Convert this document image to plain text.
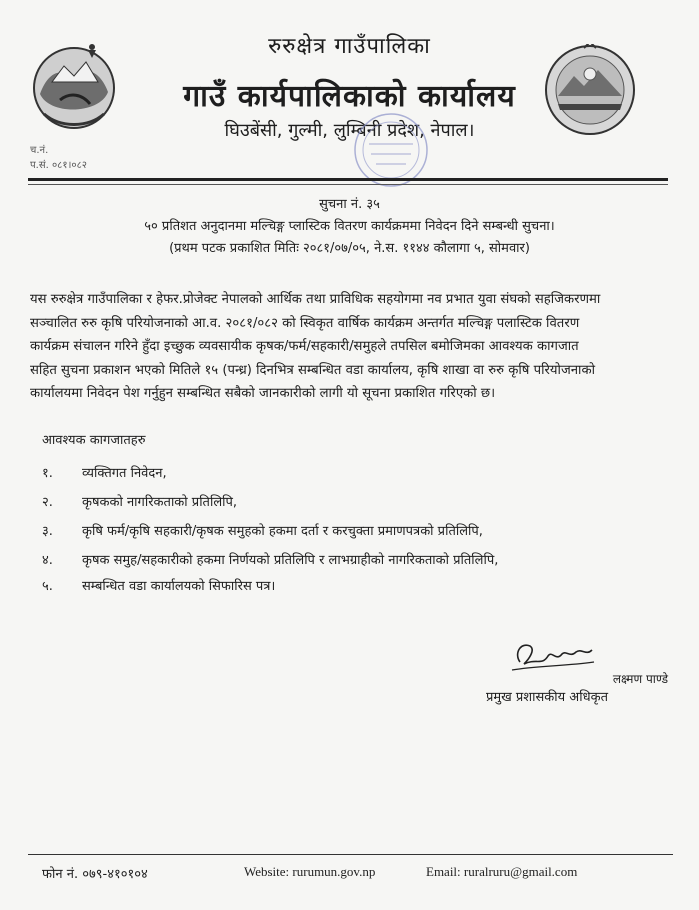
रुरुक्षेत्र गाउँपालिका
गाउँ कार्यपालिकाको कार्यालय
घिउबेंसी, गुल्मी, लुम्बिनी प्रदेश, नेपाल।
च.नं.
प.सं. ०८१।०८२
सुचना नं. ३५
५० प्रतिशत अनुदानमा मल्चिङ्ग प्लास्टिक वितरण कार्यक्रममा निवेदन दिने सम्बन्धी सुचना।
(प्रथम पटक प्रकाशित मितिः २०८१/०७/०५, ने.स. ११४४ कौलागा ५, सोमवार)
यस रुरुक्षेत्र गाउँपालिका र हेफर.प्रोजेक्ट नेपालको आर्थिक तथा प्राविधिक सहयोगमा नव प्रभात युवा संघको सहजिकरणमा
सञ्चालित रुरु कृषि परियोजनाको आ.व. २०८१/०८२ को स्विकृत वार्षिक कार्यक्रम अन्तर्गत मल्चिङ्ग पलास्टिक वितरण
कार्यक्रम संचालन गरिने हुँदा इच्छुक व्यवसायीक कृषक/फर्म/सहकारी/समुहले तपसिल बमोजिमका आवश्यक कागजात
सहित सुचना प्रकाशन भएको मितिले १५ (पन्ध्र) दिनभित्र सम्बन्धित वडा कार्यालय, कृषि शाखा वा रुरु कृषि परियोजनाको
कार्यालयमा निवेदन पेश गर्नुहुन सम्बन्धित सबैको जानकारीको लागी यो सूचना प्रकाशित गरिएको छ।
आवश्यक कागजातहरु
१. व्यक्तिगत निवेदन,
२. कृषकको नागरिकताको प्रतिलिपि,
३. कृषि फर्म/कृषि सहकारी/कृषक समुहको हकमा दर्ता र करचुक्ता प्रमाणपत्रको प्रतिलिपि,
४. कृषक समुह/सहकारीको हकमा निर्णयको प्रतिलिपि र लाभग्राहीको नागरिकताको प्रतिलिपि,
५. सम्बन्धित वडा कार्यालयको सिफारिस पत्र।
लक्ष्मण पाण्डे
प्रमुख प्रशासकीय अधिकृत
फोन नं. ०७९-४१०१०४	Website: rurumun.gov.np	Email: ruralruru@gmail.com
